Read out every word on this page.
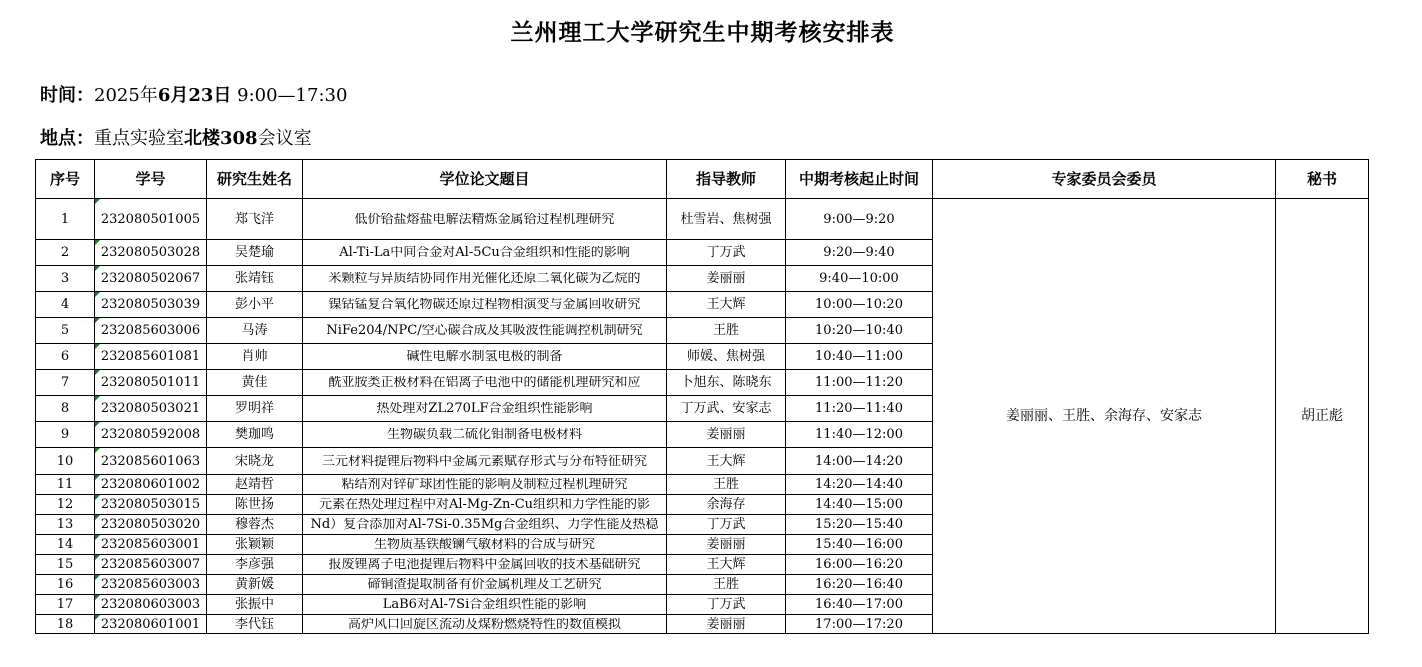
兰州理工大学研究生中期考核安排表
时间：2025年6月23日 9:00—17:30
地点：重点实验室北楼308会议室
序号	学号	研究生姓名	学位论文题目	指导教师	中期考核起止时间	专家委员会委员	秘书
1	232080501005	郑飞洋	低价铪盐熔盐电解法精炼金属铪过程机理研究	杜雪岩、焦树强	9:00—9:20	姜丽丽、王胜、余海存、安家志	胡正彪
2	232080503028	吴楚瑜	Al-Ti-La中间合金对Al-5Cu合金组织和性能的影响	丁万武	9:20—9:40		
3	232080502067	张靖钰	米颗粒与异质结协同作用光催化还原二氧化碳为乙烷的	姜丽丽	9:40—10:00		
4	232080503039	彭小平	镍钴锰复合氧化物碳还原过程物相演变与金属回收研究	王大辉	10:00—10:20		
5	232085603006	马涛	NiFe204/NPC/空心碳合成及其吸波性能调控机制研究	王胜	10:20—10:40		
6	232085601081	肖帅	碱性电解水制氢电极的制备	师媛、焦树强	10:40—11:00		
7	232080501011	黄佳	酰亚胺类正极材料在铝离子电池中的储能机理研究和应	卜旭东、陈晓东	11:00—11:20		
8	232080503021	罗明祥	热处理对ZL270LF合金组织性能影响	丁万武、安家志	11:20—11:40		
9	232080592008	樊珈鸣	生物碳负载二硫化钼制备电极材料	姜丽丽	11:40—12:00		
10	232085601063	宋晓龙	三元材料提锂后物料中金属元素赋存形式与分布特征研究	王大辉	14:00—14:20		
11	232080601002	赵靖哲	粘结剂对锌矿球团性能的影响及制粒过程机理研究	王胜	14:20—14:40		
12	232080503015	陈世扬	元素在热处理过程中对Al-Mg-Zn-Cu组织和力学性能的影	余海存	14:40—15:00		
13	232080503020	穆蓉杰	Nd）复合添加对Al-7Si-0.35Mg合金组织、力学性能及热稳	丁万武	15:20—15:40		
14	232085603001	张颖颖	生物质基铁酸镧气敏材料的合成与研究	姜丽丽	15:40—16:00		
15	232085603007	李彦强	报废锂离子电池提锂后物料中金属回收的技术基础研究	王大辉	16:00—16:20		
16	232085603003	黄新媛	碲铜渣提取制备有价金属机理及工艺研究	王胜	16:20—16:40		
17	232080603003	张振中	LaB6对Al-7Si合金组织性能的影响	丁万武	16:40—17:00		
18	232080601001	李代钰	高炉风口回旋区流动及煤粉燃烧特性的数值模拟	姜丽丽	17:00—17:20		
